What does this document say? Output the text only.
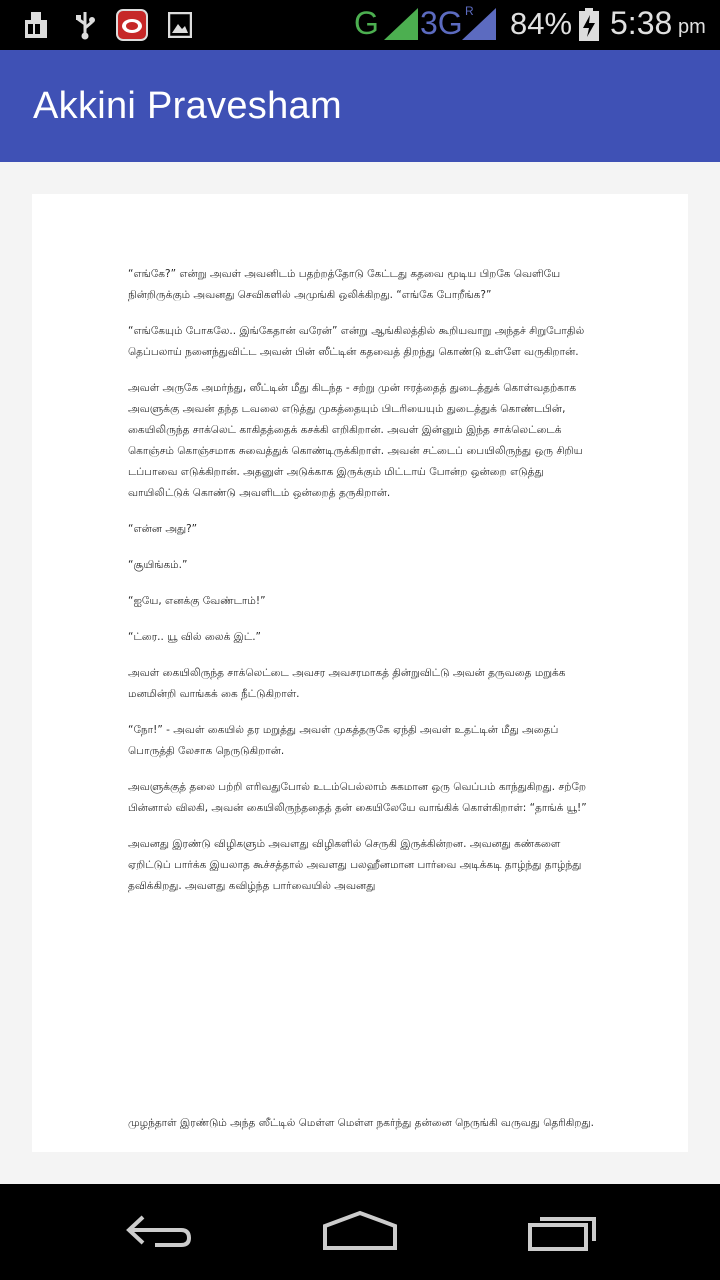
G 3G R 84% 5:38 pm
Akkini Pravesham

“எங்கே?” என்று அவள் அவனிடம் பதற்றத்தோடு கேட்டது கதவை மூடிய பிறகே வெளியே நின்றிருக்கும் அவனது செவிகளில் அமுங்கி ஒலிக்கிறது. “எங்கே போறீங்க?”

“எங்கேயும் போகலே.. இங்கேதான் வரேன்” என்று ஆங்கிலத்தில் கூறியவாறு அந்தச் சிறுபோதில் தெப்பலாய் நனைந்துவிட்ட அவன் பின் ஸீட்டின் கதவைத் திறந்து கொண்டு உள்ளே வருகிறான்.

அவள் அருகே அமர்ந்து, ஸீட்டின் மீது கிடந்த - சற்று முன் ஈரத்தைத் துடைத்துக் கொள்வதற்காக அவளுக்கு அவன் தந்த டவலை எடுத்து முகத்தையும் பிடரியையும் துடைத்துக் கொண்டபின், கையிலிருந்த சாக்லெட் காகிதத்தைக் கசக்கி எறிகிறான். அவள் இன்னும் இந்த சாக்லெட்டைக் கொஞ்சம் கொஞ்சமாக சுவைத்துக் கொண்டிருக்கிறாள். அவன் சட்டைப் பையிலிருந்து ஒரு சிறிய டப்பாவை எடுக்கிறான். அதனுள் அடுக்காக இருக்கும் மிட்டாய் போன்ற ஒன்றை எடுத்து வாயிலிட்டுக் கொண்டு அவளிடம் ஒன்றைத் தருகிறான்.

“என்ன அது?”

“சூயிங்கம்.”

“ஐயே, எனக்கு வேண்டாம்!”

“ட்ரை.. யூ வில் லைக் இட்.”

அவள் கையிலிருந்த சாக்லெட்டை அவசர அவசரமாகத் தின்றுவிட்டு அவன் தருவதை மறுக்க மனமின்றி வாங்கக் கை நீட்டுகிறாள்.

“நோ!” - அவள் கையில் தர மறுத்து அவள் முகத்தருகே ஏந்தி அவள் உதட்டின் மீது அதைப் பொருத்தி லேசாக நெருடுகிறான்.

அவளுக்குத் தலை பற்றி எரிவதுபோல் உடம்பெல்லாம் சுகமான ஒரு வெப்பம் காந்துகிறது. சற்றே பின்னால் விலகி, அவன் கையிலிருந்ததைத் தன் கையிலேயே வாங்கிக் கொள்கிறாள்: “தாங்க் யூ!”

அவனது இரண்டு விழிகளும் அவளது விழிகளில் செருகி இருக்கின்றன. அவனது கண்களை ஏறிட்டுப் பார்க்க இயலாத கூச்சத்தால் அவளது பலஹீனமான பார்வை அடிக்கடி தாழ்ந்து தாழ்ந்து தவிக்கிறது. அவளது கவிழ்ந்த பார்வையில் அவனது

முழந்தாள் இரண்டும் அந்த ஸீட்டில் மெள்ள மெள்ள நகர்ந்து தன்னை நெருங்கி வருவது தெரிகிறது.
